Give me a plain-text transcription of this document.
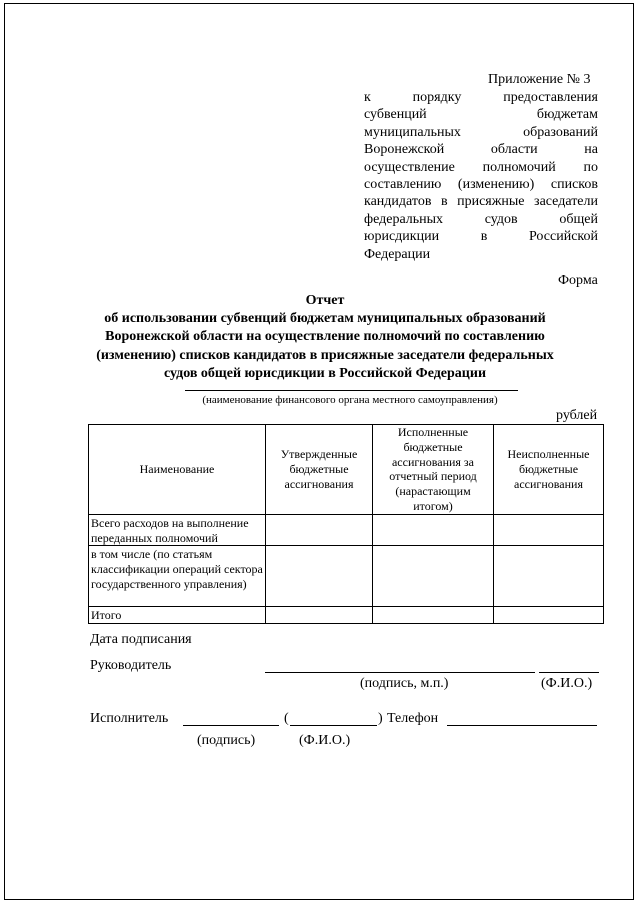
Приложение № 3
к порядку предоставления
субвенций бюджетам
муниципальных образований
Воронежской области на
осуществление полномочий по
составлению (изменению) списков
кандидатов в присяжные заседатели
федеральных судов общей
юрисдикции в Российской
Федерации
Форма
Отчет
об использовании субвенций бюджетам муниципальных образований
Воронежской области на осуществление полномочий по составлению
(изменению) списков кандидатов в присяжные заседатели федеральных
судов общей юрисдикции в Российской Федерации
(наименование финансового органа местного самоуправления)
рублей
Наименование	Утвержденные бюджетные ассигнования	Исполненные бюджетные ассигнования за отчетный период (нарастающим итогом)	Неисполненные бюджетные ассигнования
Всего расходов на выполнение переданных полномочий			
в том числе (по статьям классификации операций сектора государственного управления)			
Итого			
Дата подписания
Руководитель
(подпись, м.п.)	(Ф.И.О.)
Исполнитель	(	) Телефон
(подпись)	(Ф.И.О.)
